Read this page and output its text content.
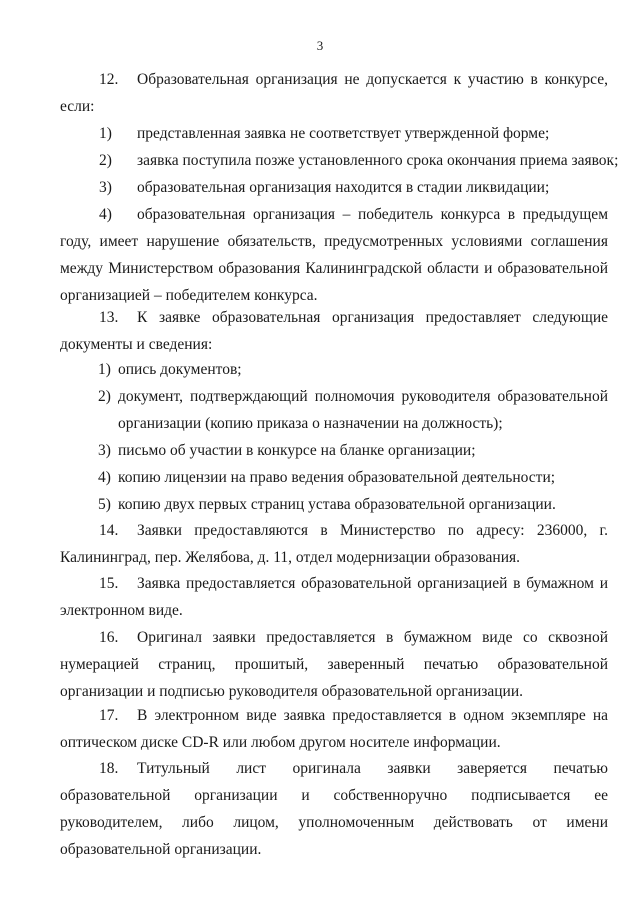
3
12. Образовательная организация не допускается к участию в конкурсе, если:
1) представленная заявка не соответствует утвержденной форме;
2) заявка поступила позже установленного срока окончания приема заявок;
3) образовательная организация находится в стадии ликвидации;
4) образовательная организация – победитель конкурса в предыдущем году, имеет нарушение обязательств, предусмотренных условиями соглашения между Министерством образования Калининградской области и образовательной организацией – победителем конкурса.
13. К заявке образовательная организация предоставляет следующие документы и сведения:
1) опись документов;
2) документ, подтверждающий полномочия руководителя образовательной организации (копию приказа о назначении на должность);
3) письмо об участии в конкурсе на бланке организации;
4) копию лицензии на право ведения образовательной деятельности;
5) копию двух первых страниц устава образовательной организации.
14. Заявки предоставляются в Министерство по адресу: 236000, г. Калининград, пер. Желябова, д. 11, отдел модернизации образования.
15. Заявка предоставляется образовательной организацией в бумажном и электронном виде.
16. Оригинал заявки предоставляется в бумажном виде со сквозной нумерацией страниц, прошитый, заверенный печатью образовательной организации и подписью руководителя образовательной организации.
17. В электронном виде заявка предоставляется в одном экземпляре на оптическом диске CD-R или любом другом носителе информации.
18. Титульный лист оригинала заявки заверяется печатью образовательной организации и собственноручно подписывается ее руководителем, либо лицом, уполномоченным действовать от имени образовательной организации.
